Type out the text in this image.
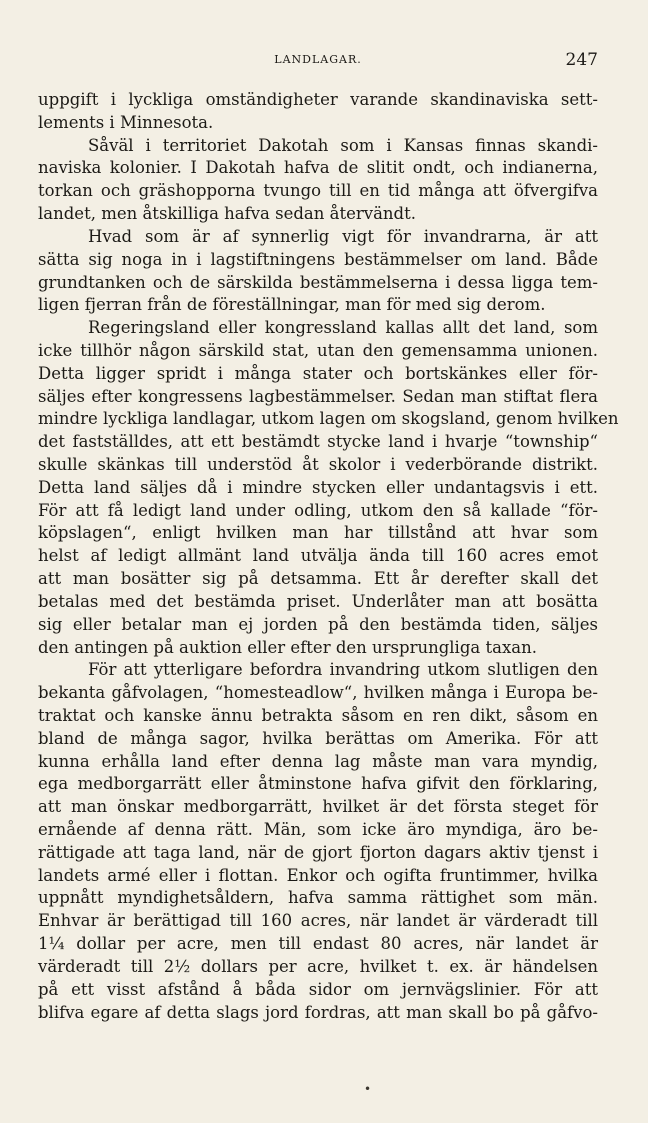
LANDLAGAR.	247
uppgift i lyckliga omständigheter varande skandinaviska sett-
lements i Minnesota.
Såväl i territoriet Dakotah som i Kansas finnas skandi-
naviska kolonier. I Dakotah hafva de slitit ondt, och indianerna,
torkan och gräshopporna tvungo till en tid många att öfvergifva
landet, men åtskilliga hafva sedan återvändt.
Hvad som är af synnerlig vigt för invandrarna, är att
sätta sig noga in i lagstiftningens bestämmelser om land. Både
grundtanken och de särskilda bestämmelserna i dessa ligga tem-
ligen fjerran från de föreställningar, man för med sig derom.
Regeringsland eller kongressland kallas allt det land, som
icke tillhör någon särskild stat, utan den gemensamma unionen.
Detta ligger spridt i många stater och bortskänkes eller för-
säljes efter kongressens lagbestämmelser. Sedan man stiftat flera
mindre lyckliga landlagar, utkom lagen om skogsland, genom hvilken
det fastställdes, att ett bestämdt stycke land i hvarje “township“
skulle skänkas till understöd åt skolor i vederbörande distrikt.
Detta land säljes då i mindre stycken eller undantagsvis i ett.
För att få ledigt land under odling, utkom den så kallade “för-
köpslagen“, enligt hvilken man har tillstånd att hvar som
helst af ledigt allmänt land utvälja ända till 160 acres emot
att man bosätter sig på detsamma. Ett år derefter skall det
betalas med det bestämda priset. Underlåter man att bosätta
sig eller betalar man ej jorden på den bestämda tiden, säljes
den antingen på auktion eller efter den ursprungliga taxan.
För att ytterligare befordra invandring utkom slutligen den
bekanta gåfvolagen, “homesteadlow“, hvilken många i Europa be-
traktat och kanske ännu betrakta såsom en ren dikt, såsom en
bland de många sagor, hvilka berättas om Amerika. För att
kunna erhålla land efter denna lag måste man vara myndig,
ega medborgarrätt eller åtminstone hafva gifvit den förklaring,
att man önskar medborgarrätt, hvilket är det första steget för
ernående af denna rätt. Män, som icke äro myndiga, äro be-
rättigade att taga land, när de gjort fjorton dagars aktiv tjenst i
landets armé eller i flottan. Enkor och ogifta fruntimmer, hvilka
uppnått myndighetsåldern, hafva samma rättighet som män.
Enhvar är berättigad till 160 acres, när landet är värderadt till
1¼ dollar per acre, men till endast 80 acres, när landet är
värderadt till 2½ dollars per acre, hvilket t. ex. är händelsen
på ett visst afstånd å båda sidor om jernvägslinier. För att
blifva egare af detta slags jord fordras, att man skall bo på gåfvo-
•
